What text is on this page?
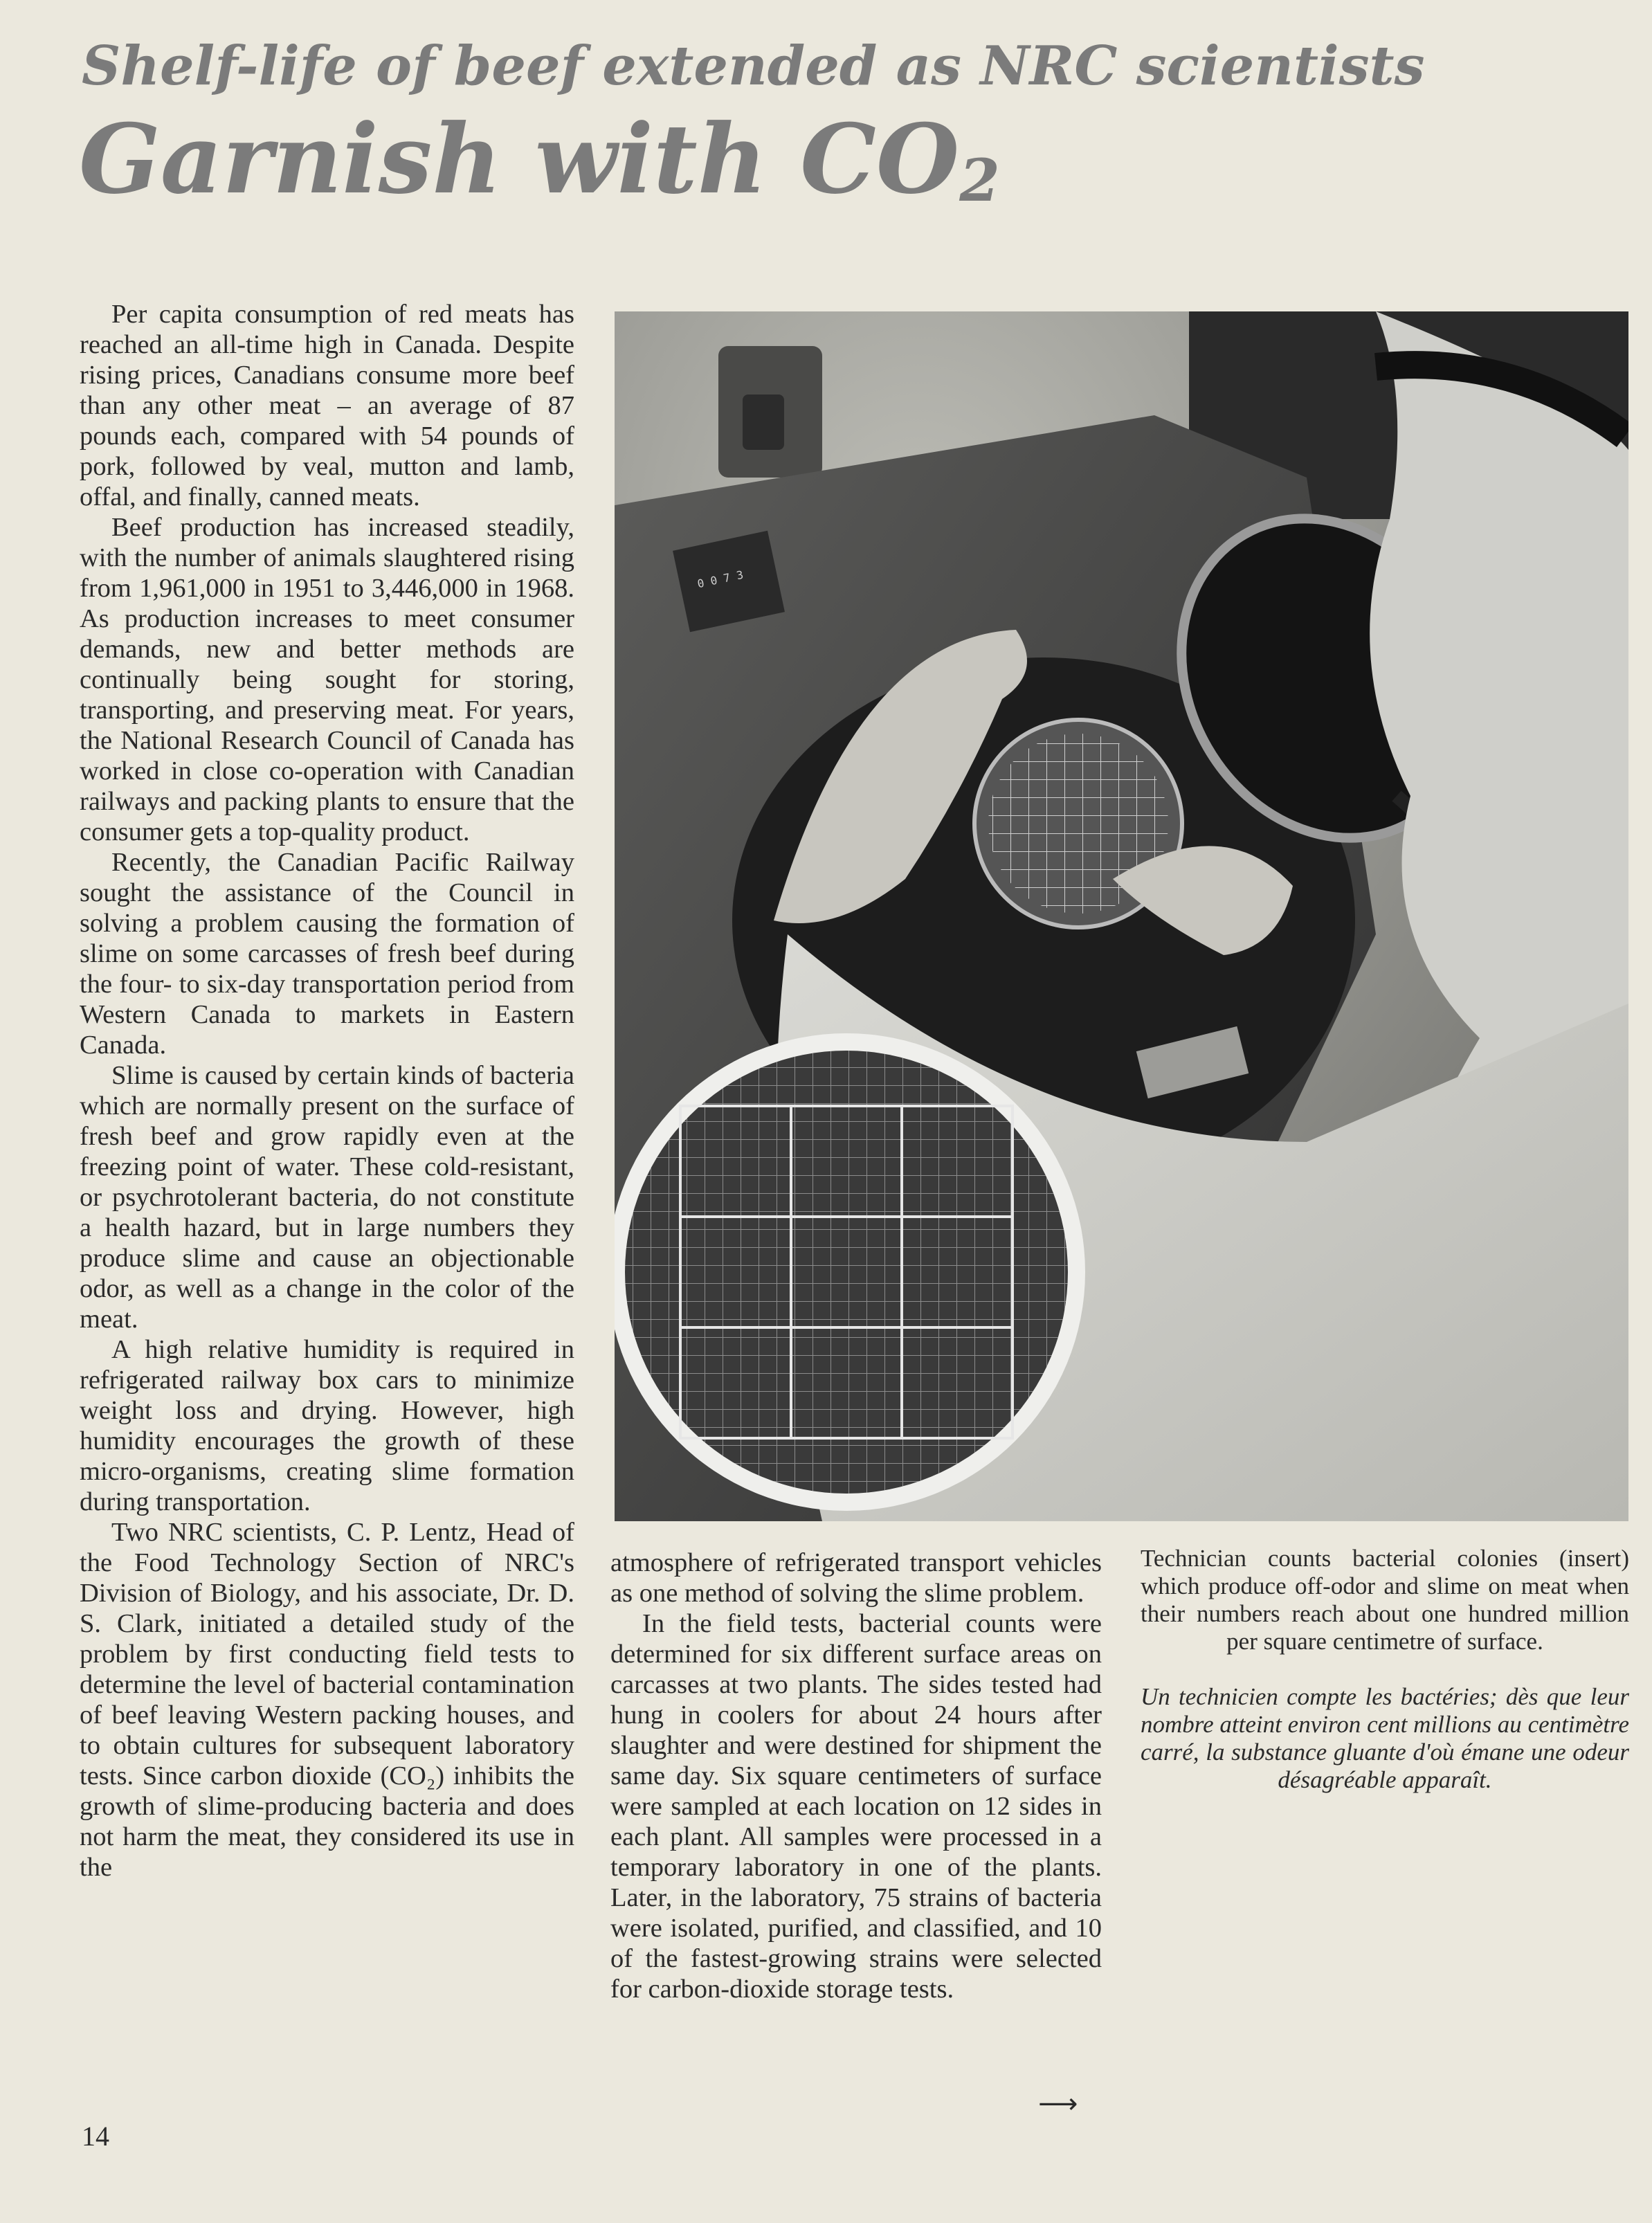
Shelf-life of beef extended as NRC scientists
Garnish with $CO_2$

Per capita consumption of red meats has reached an all-time high in Canada. Despite rising prices, Canadians consume more beef than any other meat – an average of 87 pounds each, compared with 54 pounds of pork, followed by veal, mutton and lamb, offal, and finally, canned meats.

Beef production has increased steadily, with the number of animals slaughtered rising from 1,961,000 in 1951 to 3,446,000 in 1968. As production increases to meet consumer demands, new and better methods are continually being sought for storing, transporting, and preserving meat. For years, the National Research Council of Canada has worked in close co-operation with Canadian railways and packing plants to ensure that the consumer gets a top-quality product.

Recently, the Canadian Pacific Railway sought the assistance of the Council in solving a problem causing the formation of slime on some carcasses of fresh beef during the four- to six-day transportation period from Western Canada to markets in Eastern Canada.

Slime is caused by certain kinds of bacteria which are normally present on the surface of fresh beef and grow rapidly even at the freezing point of water. These cold-resistant, or psychrotolerant bacteria, do not constitute a health hazard, but in large numbers they produce slime and cause an objectionable odor, as well as a change in the color of the meat.

A high relative humidity is required in refrigerated railway box cars to minimize weight loss and drying. However, high humidity encourages the growth of these micro-organisms, creating slime formation during transportation.

Two NRC scientists, C. P. Lentz, Head of the Food Technology Section of NRC's Division of Biology, and his associate, Dr. D. S. Clark, initiated a detailed study of the problem by first conducting field tests to determine the level of bacterial contamination of beef leaving Western packing houses, and to obtain cultures for subsequent laboratory tests. Since carbon dioxide (CO₂) inhibits the growth of slime-producing bacteria and does not harm the meat, they considered its use in the

0 0 7 3

atmosphere of refrigerated transport vehicles as one method of solving the slime problem.

In the field tests, bacterial counts were determined for six different surface areas on carcasses at two plants. The sides tested had hung in coolers for about 24 hours after slaughter and were destined for shipment the same day. Six square centimeters of surface were sampled at each location on 12 sides in each plant. All samples were processed in a temporary laboratory in one of the plants. Later, in the laboratory, 75 strains of bacteria were isolated, purified, and classified, and 10 of the fastest-growing strains were selected for carbon-dioxide storage tests.

⟶

Technician counts bacterial colonies (insert) which produce off-odor and slime on meat when their numbers reach about one hundred million per square centimetre of surface.

Un technicien compte les bactéries; dès que leur nombre atteint environ cent millions au centimètre carré, la substance gluante d'où émane une odeur désagréable apparaît.

14
